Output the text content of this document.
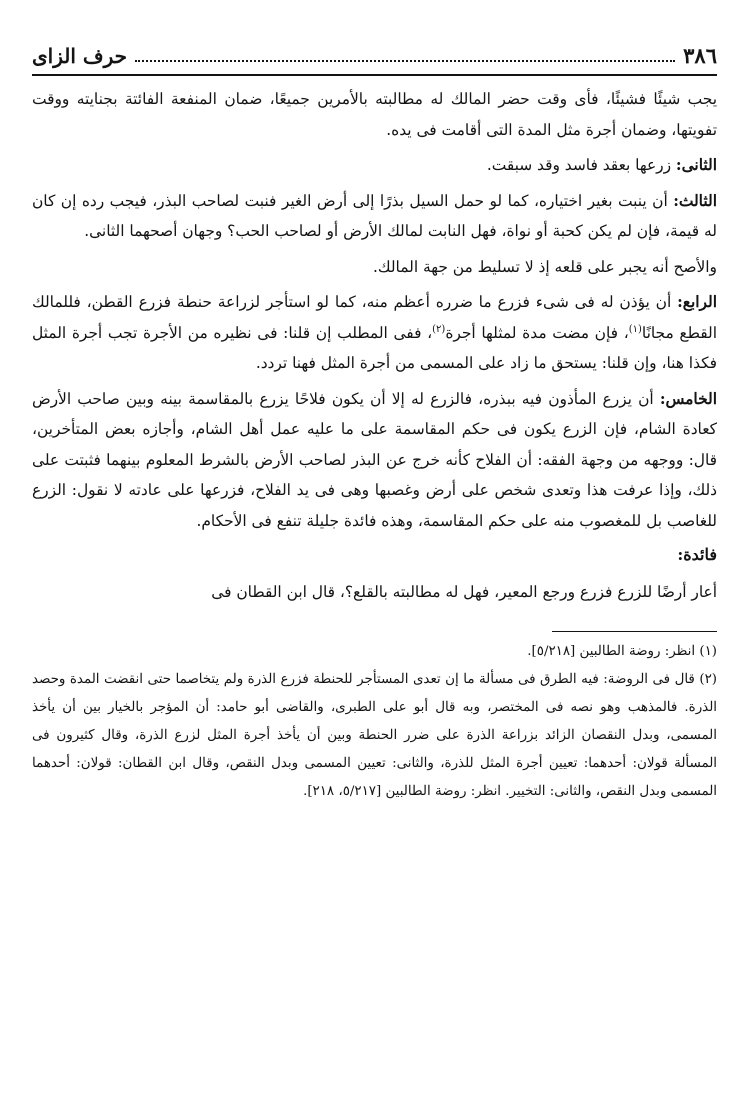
حرف الزاى	٣٨٦

يجب شيئًا فشيئًا، فأى وقت حضر المالك له مطالبته بالأمرين جميعًا، ضمان المنفعة الفائتة بجنايته ووقت تفويتها، وضمان أجرة مثل المدة التى أقامت فى يده.

الثانى: زرعها بعقد فاسد وقد سبقت.

الثالث: أن ينبت بغير اختياره، كما لو حمل السيل بذرًا إلى أرض الغير فنبت لصاحب البذر، فيجب رده إن كان له قيمة، فإن لم يكن كحبة أو نواة، فهل النابت لمالك الأرض أو لصاحب الحب؟ وجهان أصحهما الثانى.

والأصح أنه يجبر على قلعه إذ لا تسليط من جهة المالك.

الرابع: أن يؤذن له فى شىء فزرع ما ضرره أعظم منه، كما لو استأجر لزراعة حنطة فزرع القطن، فللمالك القطع مجانًا$^{(١)}$، فإن مضت مدة لمثلها أجرة$^{(٢)}$، ففى المطلب إن قلنا: فى نظيره من الأجرة تجب أجرة المثل فكذا هنا، وإن قلنا: يستحق ما زاد على المسمى من أجرة المثل فهنا تردد.

الخامس: أن يزرع المأذون فيه ببذره، فالزرع له إلا أن يكون فلاحًا يزرع بالمقاسمة بينه وبين صاحب الأرض كعادة الشام، فإن الزرع يكون فى حكم المقاسمة على ما عليه عمل أهل الشام، وأجازه بعض المتأخرين، قال: ووجهه من وجهة الفقه: أن الفلاح كأنه خرج عن البذر لصاحب الأرض بالشرط المعلوم بينهما فثبتت على ذلك، وإذا عرفت هذا وتعدى شخص على أرض وغصبها وهى فى يد الفلاح، فزرعها على عادته لا نقول: الزرع للغاصب بل للمغصوب منه على حكم المقاسمة، وهذه فائدة جليلة تنفع فى الأحكام.

فائدة:

أعار أرضًا للزرع فزرع ورجع المعير، فهل له مطالبته بالقلع؟، قال ابن القطان فى

(١) انظر: روضة الطالبين [٥/٢١٨].

(٢) قال فى الروضة: فيه الطرق فى مسألة ما إن تعدى المستأجر للحنطة فزرع الذرة ولم يتخاصما حتى انقضت المدة وحصد الذرة. فالمذهب وهو نصه فى المختصر، وبه قال أبو على الطبرى، والقاضى أبو حامد: أن المؤجر بالخيار بين أن يأخذ المسمى، وبدل النقصان الزائد بزراعة الذرة على ضرر الحنطة وبين أن يأخذ أجرة المثل لزرع الذرة، وقال كثيرون فى المسألة قولان: أحدهما: تعيين أجرة المثل للذرة، والثانى: تعيين المسمى وبدل النقص، وقال ابن القطان: قولان: أحدهما المسمى وبدل النقص، والثانى: التخيير. انظر: روضة الطالبين [٥/٢١٧، ٢١٨].
